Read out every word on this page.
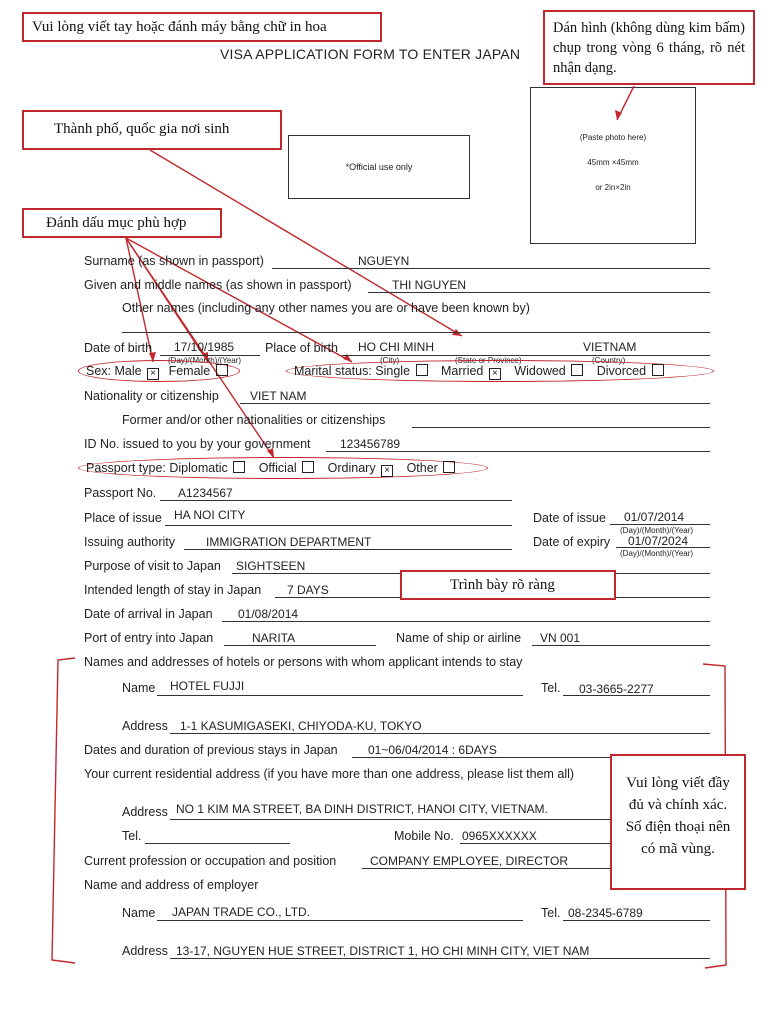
Vui lòng viết tay hoặc đánh máy bằng chữ in hoa	Dán hình (không dùng kim bấm) chụp trong vòng 6 tháng, rõ nét nhận dạng.
VISA APPLICATION FORM TO ENTER JAPAN
Thành phố, quốc gia nơi sinh
*Official use only
(Paste photo here)
45mm ×45mm
or 2in×2in
Đánh dấu mục phù hợp
Surname (as shown in passport)	NGUEYN
Given and middle names (as shown in passport)	THI NGUYEN
Other names (including any other names you are or have been known by)
Date of birth 17/10/1985
(Day)/(Month)/(Year)
Place of birth HO CHI MINH	VIETNAM
(City)	(State or Province)	(Country)
Sex: Male × Female	Marital status: Single Married × Widowed Divorced
Nationality or citizenship	VIET NAM
Former and/or other nationalities or citizenships
ID No. issued to you by your government 123456789
Passport type: Diplomatic Official Ordinary × Other
Passport No. A1234567
Place of issue HA NOI CITY	Date of issue 01/07/2014
(Day)/(Month)/(Year)
Issuing authority	IMMIGRATION DEPARTMENT	Date of expiry 01/07/2024
(Day)/(Month)/(Year)
Purpose of visit to Japan SIGHTSEEN
Intended length of stay in Japan 7 DAYS	Trình bày rõ ràng
Date of arrival in Japan 01/08/2014
Port of entry into Japan	NARITA	Name of ship or airline VN 001
Names and addresses of hotels or persons with whom applicant intends to stay
Name HOTEL FUJJI	Tel. 03-3665-2277
Address 1-1 KASUMIGASEKI, CHIYODA-KU, TOKYO
Dates and duration of previous stays in Japan	01~06/04/2014 : 6DAYS
Your current residential address (if you have more than one address, please list them all)
Address NO 1 KIM MA STREET, BA DINH DISTRICT, HANOI CITY, VIETNAM.
Tel.	Mobile No. 0965XXXXXX
Current profession or occupation and position	COMPANY EMPLOYEE, DIRECTOR
Name and address of employer
Name JAPAN TRADE CO., LTD.	Tel. 08-2345-6789
Address 13-17, NGUYEN HUE STREET, DISTRICT 1, HO CHI MINH CITY, VIET NAM
Vui lòng viết đầy đủ và chính xác. Số điện thoại nên có mã vùng.
